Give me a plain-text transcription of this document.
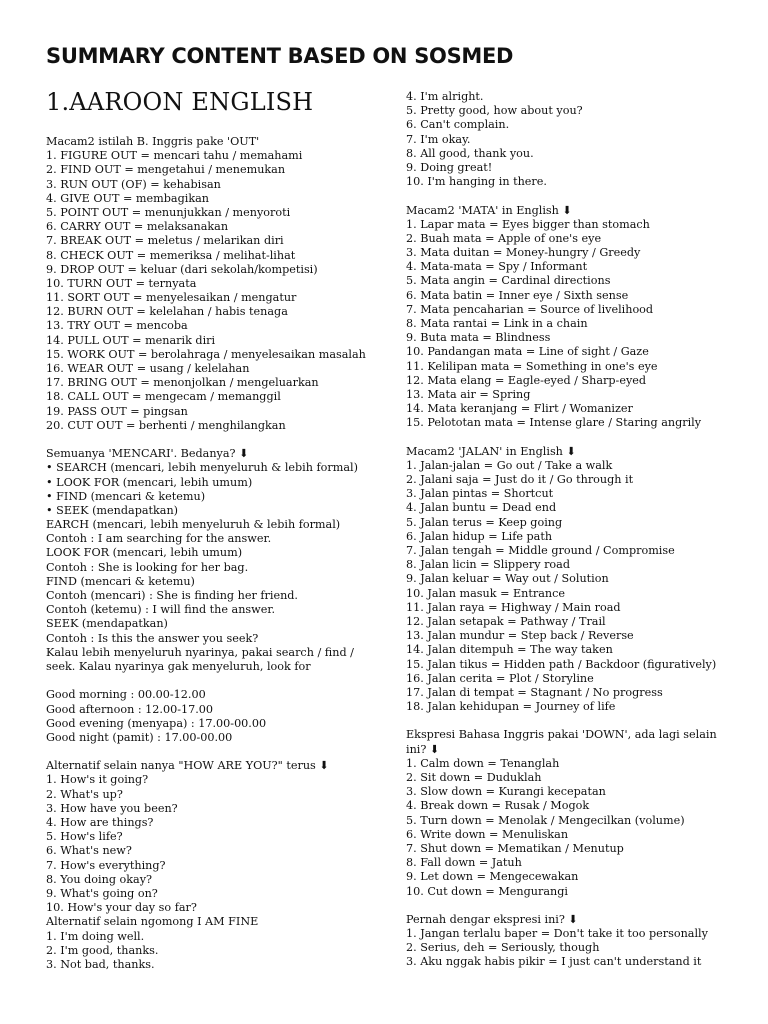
SUMMARY CONTENT BASED ON SOSMED
1.AAROON ENGLISH
Macam2 istilah B. Inggris pake 'OUT'
1. FIGURE OUT = mencari tahu / memahami
2. FIND OUT = mengetahui / menemukan
3. RUN OUT (OF) = kehabisan
4. GIVE OUT = membagikan
5. POINT OUT = menunjukkan / menyoroti
6. CARRY OUT = melaksanakan
7. BREAK OUT = meletus / melarikan diri
8. CHECK OUT = memeriksa / melihat-lihat
9. DROP OUT = keluar (dari sekolah/kompetisi)
10. TURN OUT = ternyata
11. SORT OUT = menyelesaikan / mengatur
12. BURN OUT = kelelahan / habis tenaga
13. TRY OUT = mencoba
14. PULL OUT = menarik diri
15. WORK OUT = berolahraga / menyelesaikan masalah
16. WEAR OUT = usang / kelelahan
17. BRING OUT = menonjolkan / mengeluarkan
18. CALL OUT = mengecam / memanggil
19. PASS OUT = pingsan
20. CUT OUT = berhenti / menghilangkan
Semuanya 'MENCARI'. Bedanya? ⬇
• SEARCH (mencari, lebih menyeluruh & lebih formal)
• LOOK FOR (mencari, lebih umum)
• FIND (mencari & ketemu)
• SEEK (mendapatkan)
EARCH (mencari, lebih menyeluruh & lebih formal)
Contoh : I am searching for the answer.
LOOK FOR (mencari, lebih umum)
Contoh : She is looking for her bag.
FIND (mencari & ketemu)
Contoh (mencari) : She is finding her friend.
Contoh (ketemu) : I will find the answer.
SEEK (mendapatkan)
Contoh : Is this the answer you seek?
Kalau lebih menyeluruh nyarinya, pakai search / find /
seek. Kalau nyarinya gak menyeluruh, look for
Good morning : 00.00-12.00
Good afternoon : 12.00-17.00
Good evening (menyapa) : 17.00-00.00
Good night (pamit) : 17.00-00.00
Alternatif selain nanya "HOW ARE YOU?" terus ⬇
1. How's it going?
2. What's up?
3. How have you been?
4. How are things?
5. How's life?
6. What's new?
7. How's everything?
8. You doing okay?
9. What's going on?
10. How's your day so far?
Alternatif selain ngomong I AM FINE
1. I'm doing well.
2. I'm good, thanks.
3. Not bad, thanks.
4. I'm alright.
5. Pretty good, how about you?
6. Can't complain.
7. I'm okay.
8. All good, thank you.
9. Doing great!
10. I'm hanging in there.
Macam2 'MATA' in English ⬇
1. Lapar mata = Eyes bigger than stomach
2. Buah mata = Apple of one's eye
3. Mata duitan = Money-hungry / Greedy
4. Mata-mata = Spy / Informant
5. Mata angin = Cardinal directions
6. Mata batin = Inner eye / Sixth sense
7. Mata pencaharian = Source of livelihood
8. Mata rantai = Link in a chain
9. Buta mata = Blindness
10. Pandangan mata = Line of sight / Gaze
11. Kelilipan mata = Something in one's eye
12. Mata elang = Eagle-eyed / Sharp-eyed
13. Mata air = Spring
14. Mata keranjang = Flirt / Womanizer
15. Pelototan mata = Intense glare / Staring angrily
Macam2 'JALAN' in English ⬇
1. Jalan-jalan = Go out / Take a walk
2. Jalani saja = Just do it / Go through it
3. Jalan pintas = Shortcut
4. Jalan buntu = Dead end
5. Jalan terus = Keep going
6. Jalan hidup = Life path
7. Jalan tengah = Middle ground / Compromise
8. Jalan licin = Slippery road
9. Jalan keluar = Way out / Solution
10. Jalan masuk = Entrance
11. Jalan raya = Highway / Main road
12. Jalan setapak = Pathway / Trail
13. Jalan mundur = Step back / Reverse
14. Jalan ditempuh = The way taken
15. Jalan tikus = Hidden path / Backdoor (figuratively)
16. Jalan cerita = Plot / Storyline
17. Jalan di tempat = Stagnant / No progress
18. Jalan kehidupan = Journey of life
Ekspresi Bahasa Inggris pakai 'DOWN', ada lagi selain
ini? ⬇
1. Calm down = Tenanglah
2. Sit down = Duduklah
3. Slow down = Kurangi kecepatan
4. Break down = Rusak / Mogok
5. Turn down = Menolak / Mengecilkan (volume)
6. Write down = Menuliskan
7. Shut down = Mematikan / Menutup
8. Fall down = Jatuh
9. Let down = Mengecewakan
10. Cut down = Mengurangi
Pernah dengar ekspresi ini? ⬇
1. Jangan terlalu baper = Don't take it too personally
2. Serius, deh = Seriously, though
3. Aku nggak habis pikir = I just can't understand it
